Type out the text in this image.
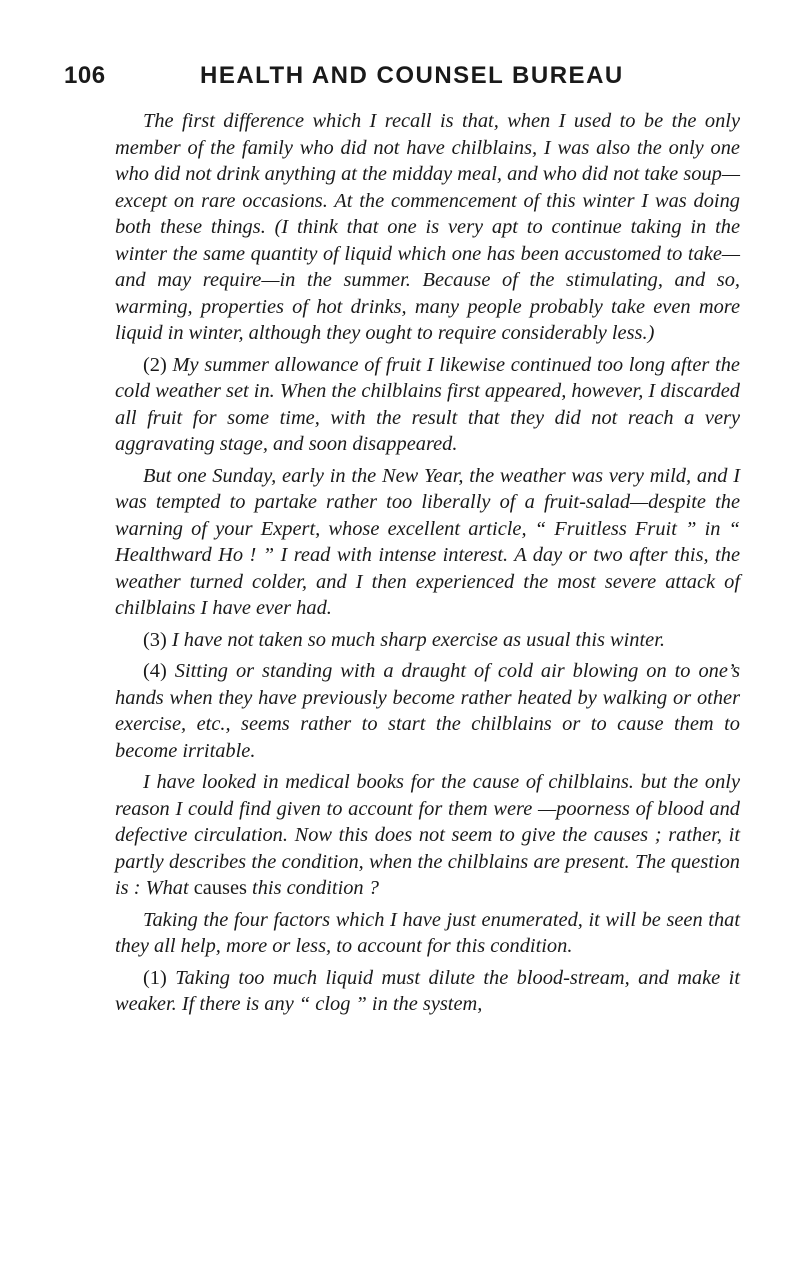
106	HEALTH AND COUNSEL BUREAU

The first difference which I recall is that, when I used to be the only member of the family who did not have chilblains, I was also the only one who did not drink anything at the midday meal, and who did not take soup—except on rare occasions. At the commencement of this winter I was doing both these things. (I think that one is very apt to continue taking in the winter the same quantity of liquid which one has been accustomed to take—and may require—in the summer. Because of the stimulating, and so, warming, properties of hot drinks, many people probably take even more liquid in winter, although they ought to require considerably less.)

(2) My summer allowance of fruit I likewise continued too long after the cold weather set in. When the chilblains first appeared, however, I discarded all fruit for some time, with the result that they did not reach a very aggravating stage, and soon disappeared.

But one Sunday, early in the New Year, the weather was very mild, and I was tempted to partake rather too liberally of a fruit-salad—despite the warning of your Expert, whose excellent article, “ Fruitless Fruit ” in “ Healthward Ho ! ” I read with intense interest. A day or two after this, the weather turned colder, and I then experienced the most severe attack of chilblains I have ever had.

(3) I have not taken so much sharp exercise as usual this winter.

(4) Sitting or standing with a draught of cold air blowing on to one’s hands when they have previously become rather heated by walking or other exercise, etc., seems rather to start the chilblains or to cause them to become irritable.

I have looked in medical books for the cause of chilblains. but the only reason I could find given to account for them were —poorness of blood and defective circulation. Now this does not seem to give the causes ; rather, it partly describes the condition, when the chilblains are present. The question is : What causes this condition ?

Taking the four factors which I have just enumerated, it will be seen that they all help, more or less, to account for this condition.

(1) Taking too much liquid must dilute the blood-stream, and make it weaker. If there is any “ clog ” in the system,
